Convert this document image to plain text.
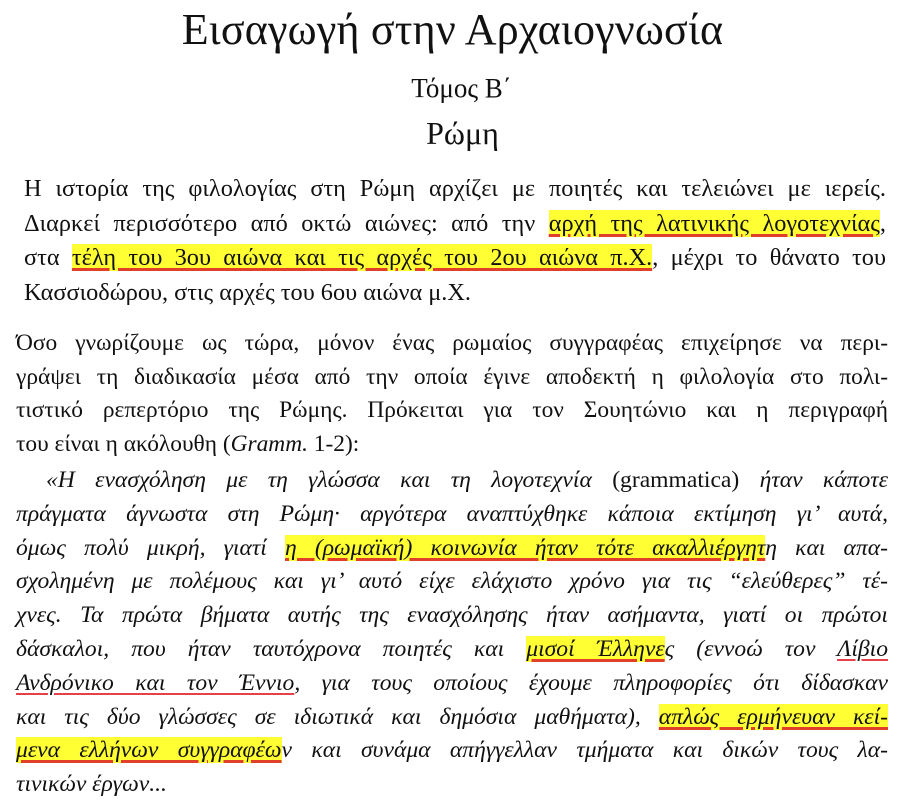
Εισαγωγή στην Αρχαιογνωσία
Τόμος Β΄
Ρώμη
Η ιστορία της φιλολογίας στη Ρώμη αρχίζει με ποιητές και τελειώνει με ιερείς.
Διαρκεί περισσότερο από οκτώ αιώνες: από την αρχή της λατινικής λογοτεχνίας,
στα τέλη του 3ου αιώνα και τις αρχές του 2ου αιώνα π.Χ., μέχρι το θάνατο του
Κασσιοδώρου, στις αρχές του 6ου αιώνα μ.Χ.
Όσο γνωρίζουμε ως τώρα, μόνον ένας ρωμαίος συγγραφέας επιχείρησε να περι-
γράψει τη διαδικασία μέσα από την οποία έγινε αποδεκτή η φιλολογία στο πολι-
τιστικό ρεπερτόριο της Ρώμης. Πρόκειται για τον Σουητώνιο και η περιγραφή
του είναι η ακόλουθη (Gramm. 1-2):
«Η ενασχόληση με τη γλώσσα και τη λογοτεχνία (grammatica) ήταν κάποτε
πράγματα άγνωστα στη Ρώμη· αργότερα αναπτύχθηκε κάποια εκτίμηση γι’ αυτά,
όμως πολύ μικρή, γιατί η (ρωμαϊκή) κοινωνία ήταν τότε ακαλλιέργητη και απα-
σχολημένη με πολέμους και γι’ αυτό είχε ελάχιστο χρόνο για τις “ελεύθερες” τέ-
χνες. Τα πρώτα βήματα αυτής της ενασχόλησης ήταν ασήμαντα, γιατί οι πρώτοι
δάσκαλοι, που ήταν ταυτόχρονα ποιητές και μισοί Έλληνες (εννοώ τον Λίβιο
Ανδρόνικο και τον Έννιο, για τους οποίους έχουμε πληροφορίες ότι δίδασκαν
και τις δύο γλώσσες σε ιδιωτικά και δημόσια μαθήματα), απλώς ερμήνευαν κεί-
μενα ελλήνων συγγραφέων και συνάμα απήγγελλαν τμήματα και δικών τους λα-
τινικών έργων...
